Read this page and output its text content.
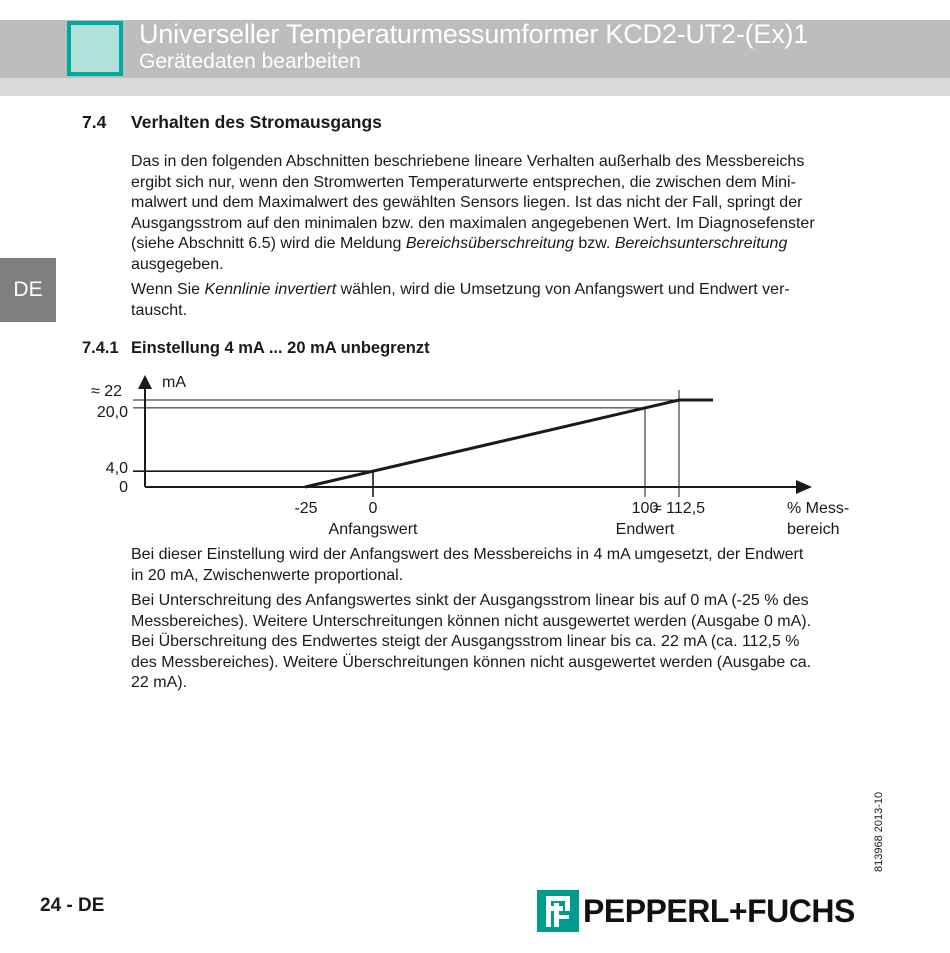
Universeller Temperaturmessumformer KCD2-UT2-(Ex)1
Gerätedaten bearbeiten
DE
7.4 Verhalten des Stromausgangs
Das in den folgenden Abschnitten beschriebene lineare Verhalten außerhalb des Messbereichs
ergibt sich nur, wenn den Stromwerten Temperaturwerte entsprechen, die zwischen dem Mini-
malwert und dem Maximalwert des gewählten Sensors liegen. Ist das nicht der Fall, springt der
Ausgangsstrom auf den minimalen bzw. den maximalen angegebenen Wert. Im Diagnosefenster
(siehe Abschnitt 6.5) wird die Meldung Bereichsüberschreitung bzw. Bereichsunterschreitung
ausgegeben.
Wenn Sie Kennlinie invertiert wählen, wird die Umsetzung von Anfangswert und Endwert ver-
tauscht.
7.4.1 Einstellung 4 mA ... 20 mA unbegrenzt
0
4,0
20,0
≈ 22
mA
-25	0	100
≈ 112,5
Anfangswert	Endwert
% Mess-
bereich
Bei dieser Einstellung wird der Anfangswert des Messbereichs in 4 mA umgesetzt, der Endwert
in 20 mA, Zwischenwerte proportional.
Bei Unterschreitung des Anfangswertes sinkt der Ausgangsstrom linear bis auf 0 mA (-25 % des
Messbereiches). Weitere Unterschreitungen können nicht ausgewertet werden (Ausgabe 0 mA).
Bei Überschreitung des Endwertes steigt der Ausgangsstrom linear bis ca. 22 mA (ca. 112,5 %
des Messbereiches). Weitere Überschreitungen können nicht ausgewertet werden (Ausgabe ca.
22 mA).
813968 2013-10
24 - DE	PEPPERL+FUCHS
